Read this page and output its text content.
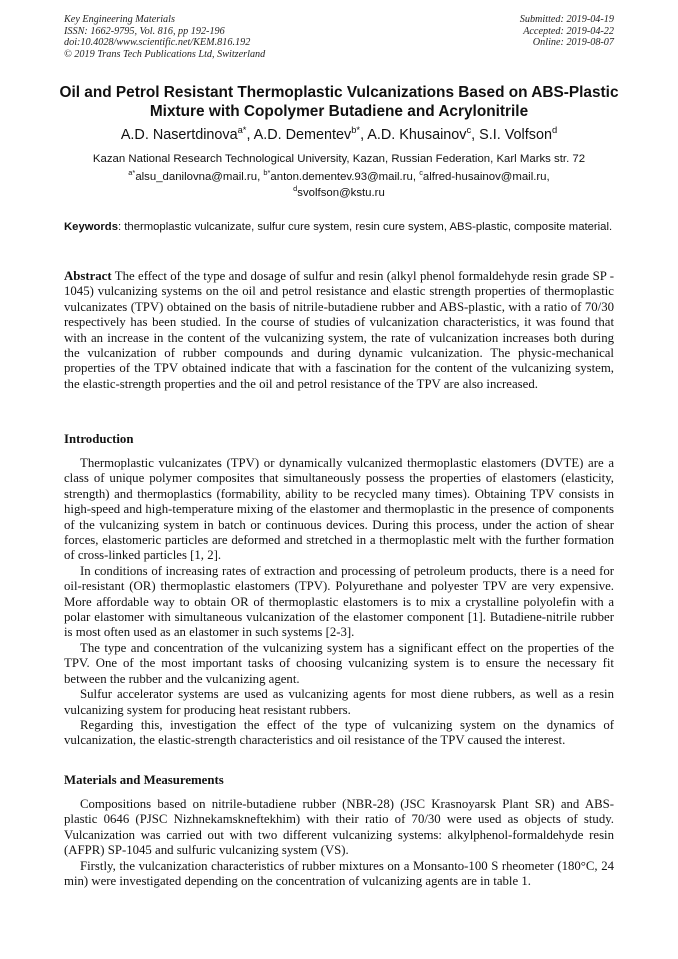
Key Engineering Materials
ISSN: 1662-9795, Vol. 816, pp 192-196
doi:10.4028/www.scientific.net/KEM.816.192
© 2019 Trans Tech Publications Ltd, Switzerland
Submitted: 2019-04-19
Accepted: 2019-04-22
Online: 2019-08-07
Oil and Petrol Resistant Thermoplastic Vulcanizations Based on ABS-Plastic Mixture with Copolymer Butadiene and Acrylonitrile
A.D. Nasertdinova$^{a*}$, A.D. Dementev$^{b*}$, A.D. Khusainov$^c$, S.I. Volfson$^d$
Kazan National Research Technological University, Kazan, Russian Federation, Karl Marks str. 72
$^{a*}$alsu_danilovna@mail.ru, $^{b*}$anton.dementev.93@mail.ru, $^c$alfred-husainov@mail.ru,
$^d$svolfson@kstu.ru
Keywords: thermoplastic vulcanizate, sulfur cure system, resin cure system, ABS-plastic, composite material.
Abstract The effect of the type and dosage of sulfur and resin (alkyl phenol formaldehyde resin grade SP - 1045) vulcanizing systems on the oil and petrol resistance and elastic strength properties of thermoplastic vulcanizates (TPV) obtained on the basis of nitrile-butadiene rubber and ABS-plastic, with a ratio of 70/30 respectively has been studied. In the course of studies of vulcanization characteristics, it was found that with an increase in the content of the vulcanizing system, the rate of vulcanization increases both during the vulcanization of rubber compounds and during dynamic vulcanization. The physic-mechanical properties of the TPV obtained indicate that with a fascination for the content of the vulcanizing system, the elastic-strength properties and the oil and petrol resistance of the TPV are also increased.
Introduction

Thermoplastic vulcanizates (TPV) or dynamically vulcanized thermoplastic elastomers (DVTE) are a class of unique polymer composites that simultaneously possess the properties of elastomers (elasticity, strength) and thermoplastics (formability, ability to be recycled many times). Obtaining TPV consists in high-speed and high-temperature mixing of the elastomer and thermoplastic in the presence of components of the vulcanizing system in batch or continuous devices. During this process, under the action of shear forces, elastomeric particles are deformed and stretched in a thermoplastic melt with the further formation of cross-linked particles [1, 2].

In conditions of increasing rates of extraction and processing of petroleum products, there is a need for oil-resistant (OR) thermoplastic elastomers (TPV). Polyurethane and polyester TPV are very expensive. More affordable way to obtain OR of thermoplastic elastomers is to mix a crystalline polyolefin with a polar elastomer with simultaneous vulcanization of the elastomer component [1]. Butadiene-nitrile rubber is most often used as an elastomer in such systems [2-3].

The type and concentration of the vulcanizing system has a significant effect on the properties of the TPV. One of the most important tasks of choosing vulcanizing system is to ensure the necessary fit between the rubber and the vulcanizing agent.

Sulfur accelerator systems are used as vulcanizing agents for most diene rubbers, as well as a resin vulcanizing system for producing heat resistant rubbers.

Regarding this, investigation the effect of the type of vulcanizing system on the dynamics of vulcanization, the elastic-strength characteristics and oil resistance of the TPV caused the interest.

Materials and Measurements

Compositions based on nitrile-butadiene rubber (NBR-28) (JSC Krasnoyarsk Plant SR) and ABS-plastic 0646 (PJSC Nizhnekamskneftekhim) with their ratio of 70/30 were used as objects of study. Vulcanization was carried out with two different vulcanizing systems: alkylphenol-formaldehyde resin (AFPR) SP-1045 and sulfuric vulcanizing system (VS).

Firstly, the vulcanization characteristics of rubber mixtures on a Monsanto-100 S rheometer (180°C, 24 min) were investigated depending on the concentration of vulcanizing agents are in table 1.
